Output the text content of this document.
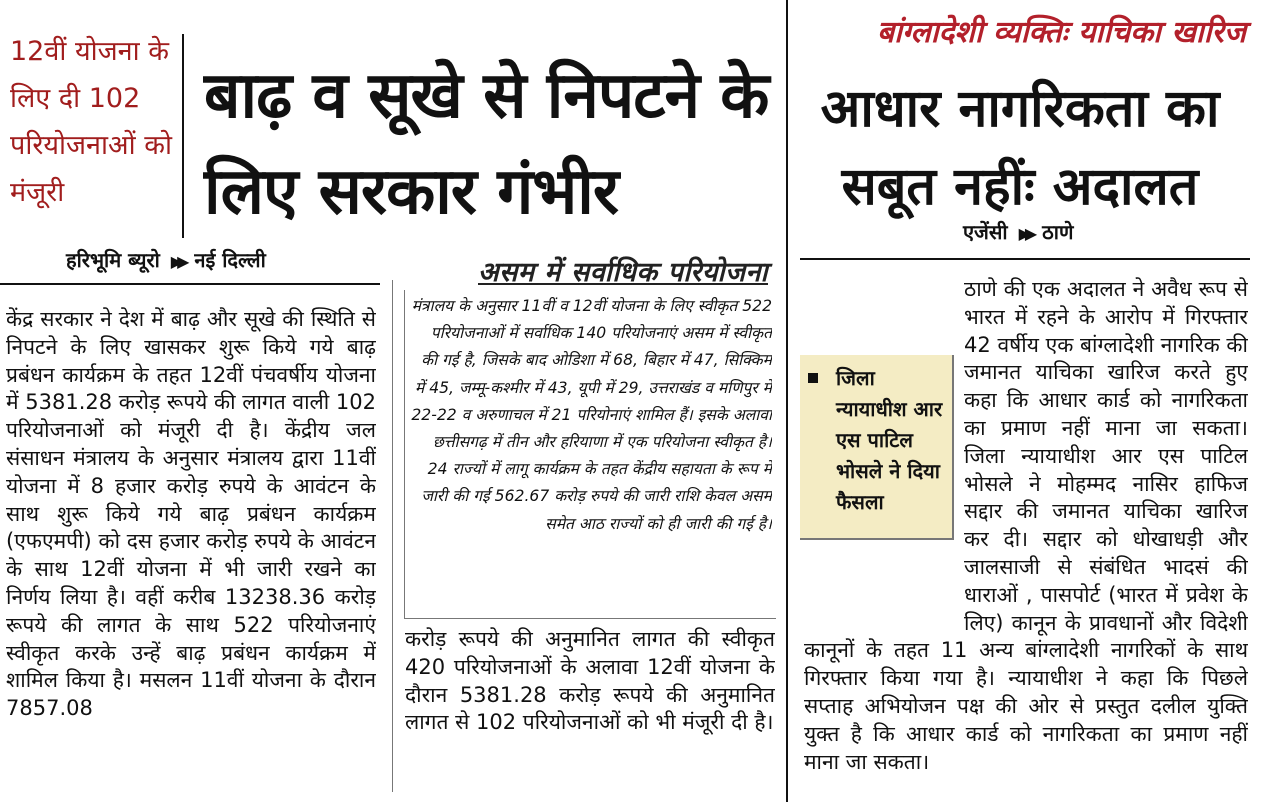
12वीं योजना के लिए दी 102 परियोजनाओं को मंजूरी
बाढ़ व सूखे से निपटने के लिए सरकार गंभीर
हरिभूमि ब्यूरो ▶▶ नई दिल्ली
केंद्र सरकार ने देश में बाढ़ और सूखे की स्थिति से निपटने के लिए खासकर शुरू किये गये बाढ़ प्रबंधन कार्यक्रम के तहत 12वीं पंचवर्षीय योजना में 5381.28 करोड़ रूपये की लागत वाली 102 परियोजनाओं को मंजूरी दी है। केंद्रीय जल संसाधन मंत्रालय के अनुसार मंत्रालय द्वारा 11वीं योजना में 8 हजार करोड़ रुपये के आवंटन के साथ शुरू किये गये बाढ़ प्रबंधन कार्यक्रम (एफएमपी) को दस हजार करोड़ रुपये के आवंटन के साथ 12वीं योजना में भी जारी रखने का निर्णय लिया है। वहीं करीब 13238.36 करोड़ रूपये की लागत के साथ 522 परियोजनाएं स्वीकृत करके उन्हें बाढ़ प्रबंधन कार्यक्रम में शामिल किया है। मसलन 11वीं योजना के दौरान 7857.08
असम में सर्वाधिक परियोजना
मंत्रालय के अनुसार 11वीं व 12वीं योजना के लिए स्वीकृत 522 परियोजनाओं में सर्वाधिक 140 परियोजनाएं असम में स्वीकृत की गई है, जिसके बाद ओडिशा में 68, बिहार में 47, सिक्किम में 45, जम्मू-कश्मीर में 43, यूपी में 29, उत्तराखंड व मणिपुर में 22-22 व अरुणाचल में 21 परियोनाएं शामिल हैं। इसके अलावा छत्तीसगढ़ में तीन और हरियाणा में एक परियोजना स्वीकृत है। 24 राज्यों में लागू कार्यक्रम के तहत केंद्रीय सहायता के रूप में जारी की गई 562.67 करोड़ रुपये की जारी राशि केवल असम समेत आठ राज्यों को ही जारी की गई है।
करोड़ रूपये की अनुमानित लागत की स्वीकृत 420 परियोजनाओं के अलावा 12वीं योजना के दौरान 5381.28 करोड़ रूपये की अनुमानित लागत से 102 परियोजनाओं को भी मंजूरी दी है।
बांग्लादेशी व्यक्तिः याचिका खारिज
आधार नागरिकता का सबूत नहींः अदालत
एजेंसी ▶▶ ठाणे
ठाणे की एक अदालत ने अवैध रूप से भारत में रहने के आरोप में गिरफ्तार 42 वर्षीय एक बांग्लादेशी नागरिक की जमानत याचिका खारिज करते हुए कहा कि आधार कार्ड को नागरिकता का प्रमाण नहीं माना जा सकता। जिला न्यायाधीश आर एस पाटिल भोसले ने मोहम्मद नासिर हाफिज सद्दार की जमानत याचिका खारिज कर दी। सद्दार को धोखाधड़ी और जालसाजी से संबंधित भादसं की धाराओं , पासपोर्ट (भारत में प्रवेश के लिए) कानून के प्रावधानों और विदेशी कानूनों के तहत 11 अन्य बांग्लादेशी नागरिकों के साथ गिरफ्तार किया गया है। न्यायाधीश ने कहा कि पिछले सप्ताह अभियोजन पक्ष की ओर से प्रस्तुत दलील युक्ति युक्त है कि आधार कार्ड को नागरिकता का प्रमाण नहीं माना जा सकता।
जिला न्यायाधीश आर एस पाटिल भोसले ने दिया फैसला
